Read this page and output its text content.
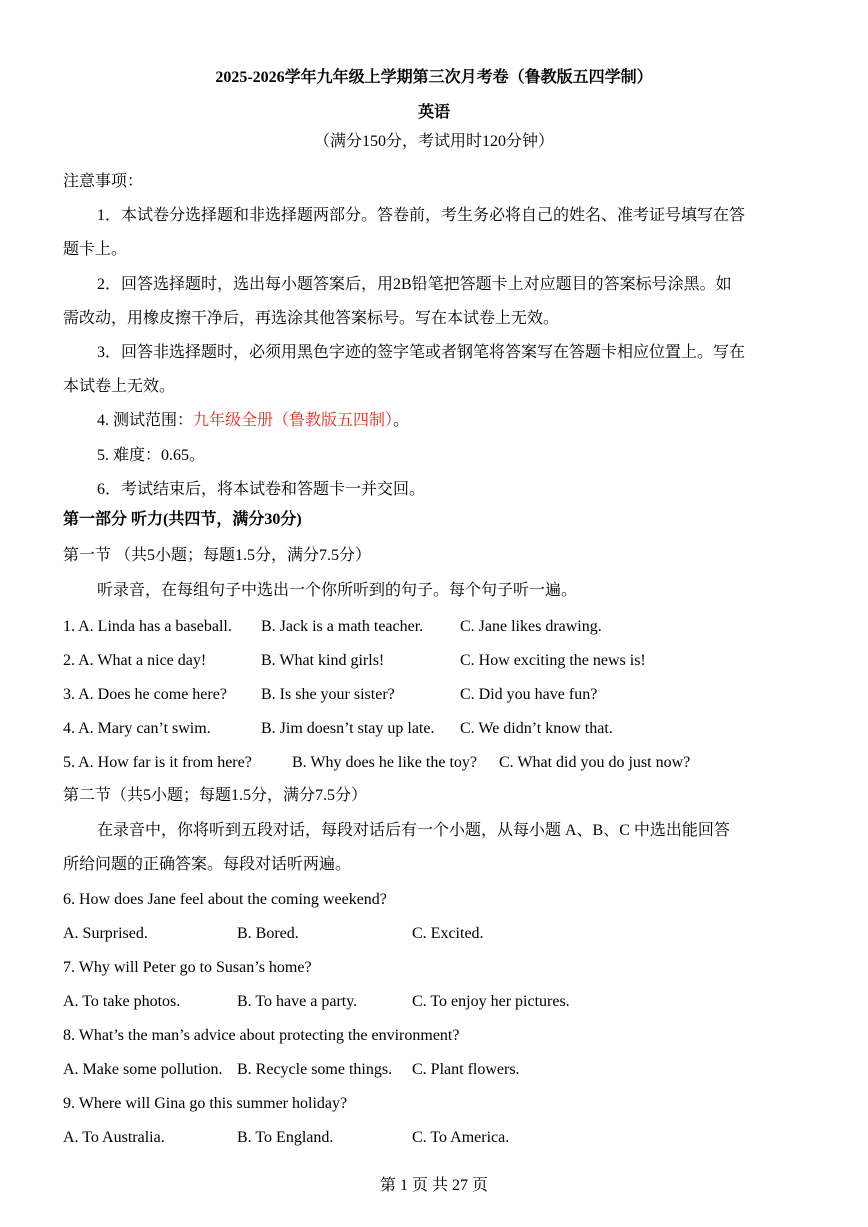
2025-2026学年九年级上学期第三次月考卷（鲁教版五四学制）
英语
（满分150分，考试用时120分钟）
注意事项：
1．本试卷分选择题和非选择题两部分。答卷前，考生务必将自己的姓名、准考证号填写在答
题卡上。
2．回答选择题时，选出每小题答案后，用2B铅笔把答题卡上对应题目的答案标号涂黑。如
需改动，用橡皮擦干净后，再选涂其他答案标号。写在本试卷上无效。
3．回答非选择题时，必须用黑色字迹的签字笔或者钢笔将答案写在答题卡相应位置上。写在
本试卷上无效。
4. 测试范围：九年级全册（鲁教版五四制）。
5. 难度：0.65。
6．考试结束后，将本试卷和答题卡一并交回。
第一部分 听力(共四节，满分30分)
第一节 （共5小题；每题1.5分，满分7.5分）
听录音，在每组句子中选出一个你所听到的句子。每个句子听一遍。
1. A. Linda has a baseball. B. Jack is a math teacher. C. Jane likes drawing.
2. A. What a nice day!	B. What kind girls!	C. How exciting the news is!
3. A. Does he come here? B. Is she your sister?	C. Did you have fun?
4. A. Mary can’t swim.	B. Jim doesn’t stay up late. C. We didn’t know that.
5. A. How far is it from here?	B. Why does he like the toy? C. What did you do just now?
第二节（共5小题；每题1.5分，满分7.5分）
在录音中，你将听到五段对话，每段对话后有一个小题，从每小题 A、B、C 中选出能回答
所给问题的正确答案。每段对话听两遍。
6. How does Jane feel about the coming weekend?
A. Surprised.	B. Bored.	C. Excited.
7. Why will Peter go to Susan’s home?
A. To take photos.	B. To have a party.	C. To enjoy her pictures.
8. What’s the man’s advice about protecting the environment?
A. Make some pollution. B. Recycle some things. C. Plant flowers.
9. Where will Gina go this summer holiday?
A. To Australia.	B. To England.	C. To America.
第 1 页 共 27 页
